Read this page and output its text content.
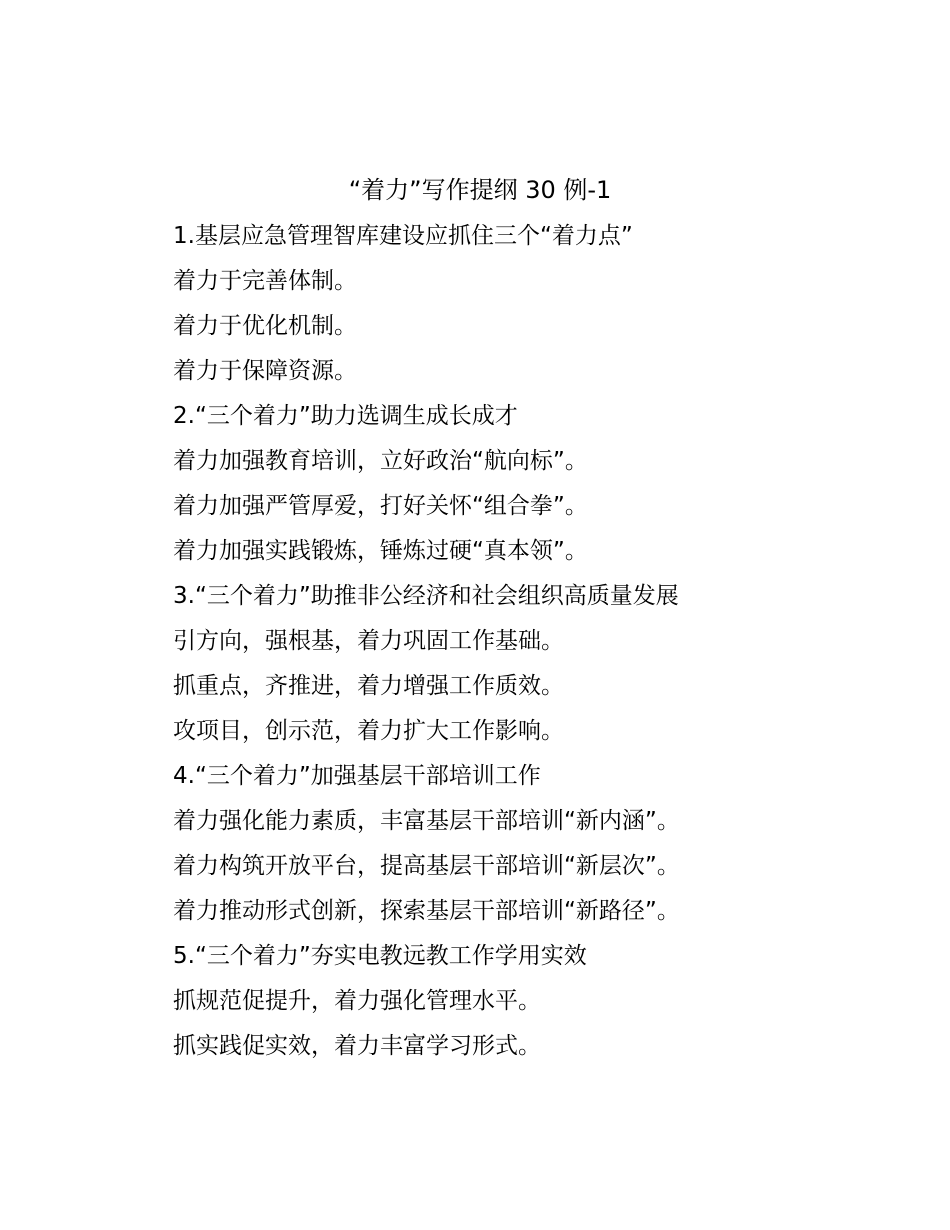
“着力”写作提纲 30 例-1
1.基层应急管理智库建设应抓住三个“着力点”
着力于完善体制。
着力于优化机制。
着力于保障资源。
2.“三个着力”助力选调生成长成才
着力加强教育培训，立好政治“航向标”。
着力加强严管厚爱，打好关怀“组合拳”。
着力加强实践锻炼，锤炼过硬“真本领”。
3.“三个着力”助推非公经济和社会组织高质量发展
引方向，强根基，着力巩固工作基础。
抓重点，齐推进，着力增强工作质效。
攻项目，创示范，着力扩大工作影响。
4.“三个着力”加强基层干部培训工作
着力强化能力素质，丰富基层干部培训“新内涵”。
着力构筑开放平台，提高基层干部培训“新层次”。
着力推动形式创新，探索基层干部培训“新路径”。
5.“三个着力”夯实电教远教工作学用实效
抓规范促提升，着力强化管理水平。
抓实践促实效，着力丰富学习形式。
